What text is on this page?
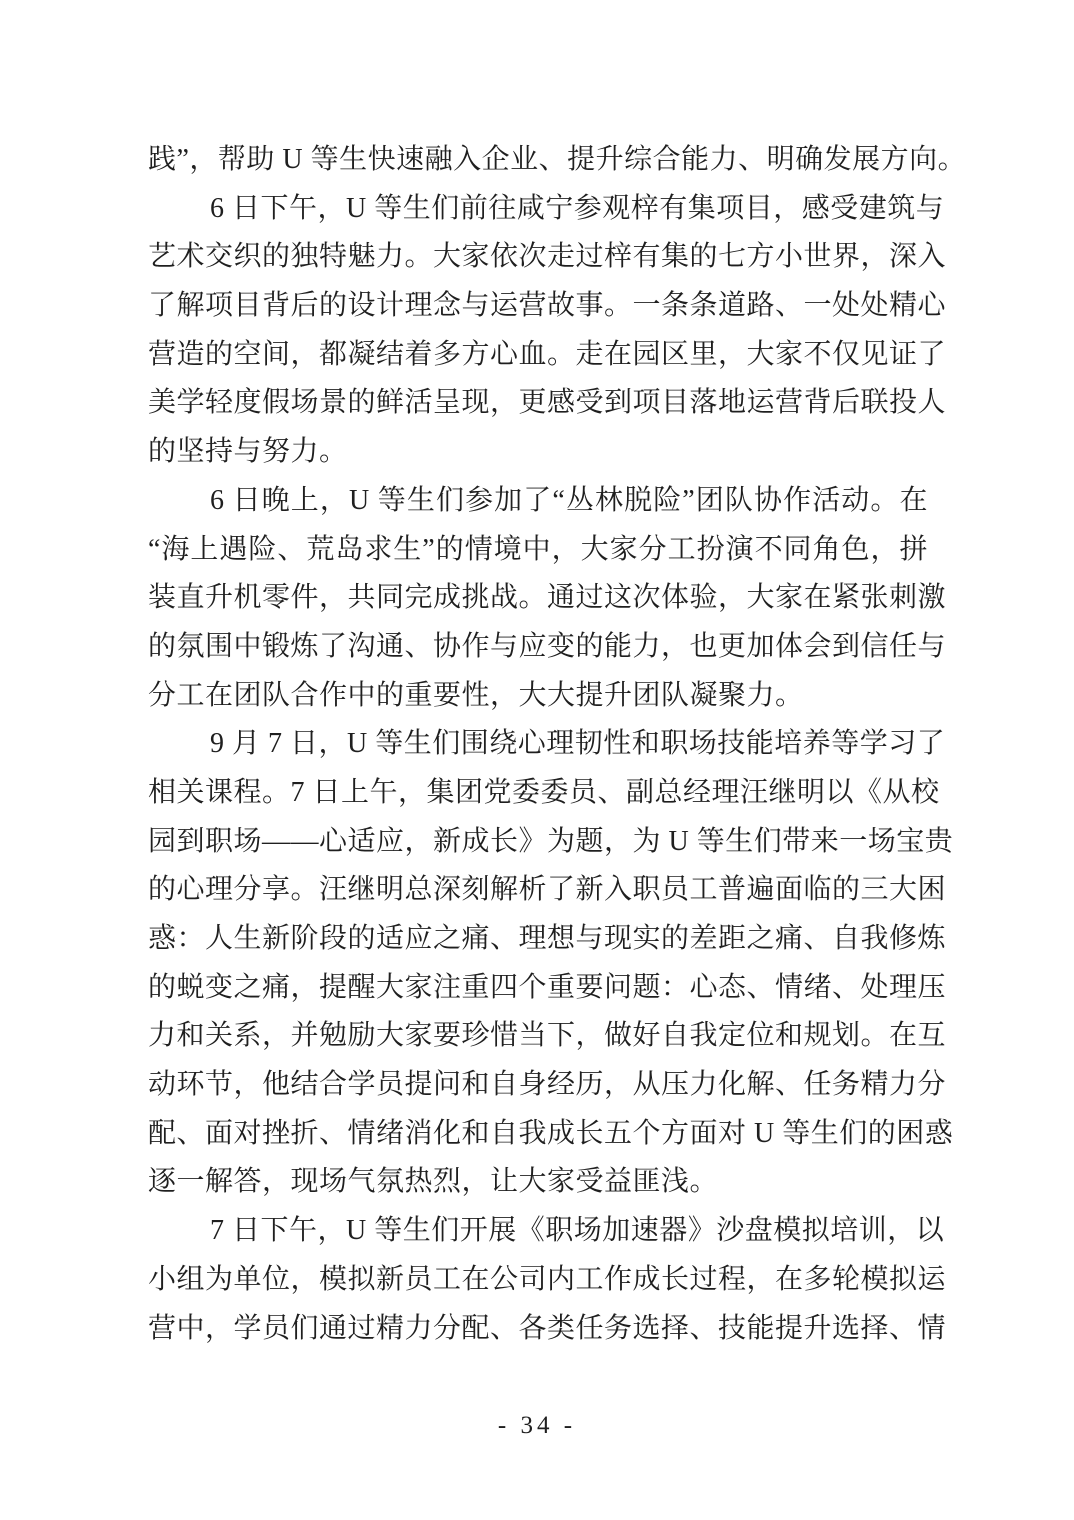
践”，帮助 U 等生快速融入企业、提升综合能力、明确发展方向。
6 日下午，U 等生们前往咸宁参观梓有集项目，感受建筑与
艺术交织的独特魅力。大家依次走过梓有集的七方小世界，深入
了解项目背后的设计理念与运营故事。一条条道路、一处处精心
营造的空间，都凝结着多方心血。走在园区里，大家不仅见证了
美学轻度假场景的鲜活呈现，更感受到项目落地运营背后联投人
的坚持与努力。
6 日晚上，U 等生们参加了“丛林脱险”团队协作活动。在
“海上遇险、荒岛求生”的情境中，大家分工扮演不同角色，拼
装直升机零件，共同完成挑战。通过这次体验，大家在紧张刺激
的氛围中锻炼了沟通、协作与应变的能力，也更加体会到信任与
分工在团队合作中的重要性，大大提升团队凝聚力。
9 月 7 日，U 等生们围绕心理韧性和职场技能培养等学习了
相关课程。7 日上午，集团党委委员、副总经理汪继明以《从校
园到职场——心适应，新成长》为题，为 U 等生们带来一场宝贵
的心理分享。汪继明总深刻解析了新入职员工普遍面临的三大困
惑：人生新阶段的适应之痛、理想与现实的差距之痛、自我修炼
的蜕变之痛，提醒大家注重四个重要问题：心态、情绪、处理压
力和关系，并勉励大家要珍惜当下，做好自我定位和规划。在互
动环节，他结合学员提问和自身经历，从压力化解、任务精力分
配、面对挫折、情绪消化和自我成长五个方面对 U 等生们的困惑
逐一解答，现场气氛热烈，让大家受益匪浅。
7 日下午，U 等生们开展《职场加速器》沙盘模拟培训，以
小组为单位，模拟新员工在公司内工作成长过程，在多轮模拟运
营中，学员们通过精力分配、各类任务选择、技能提升选择、情
- 34 -
